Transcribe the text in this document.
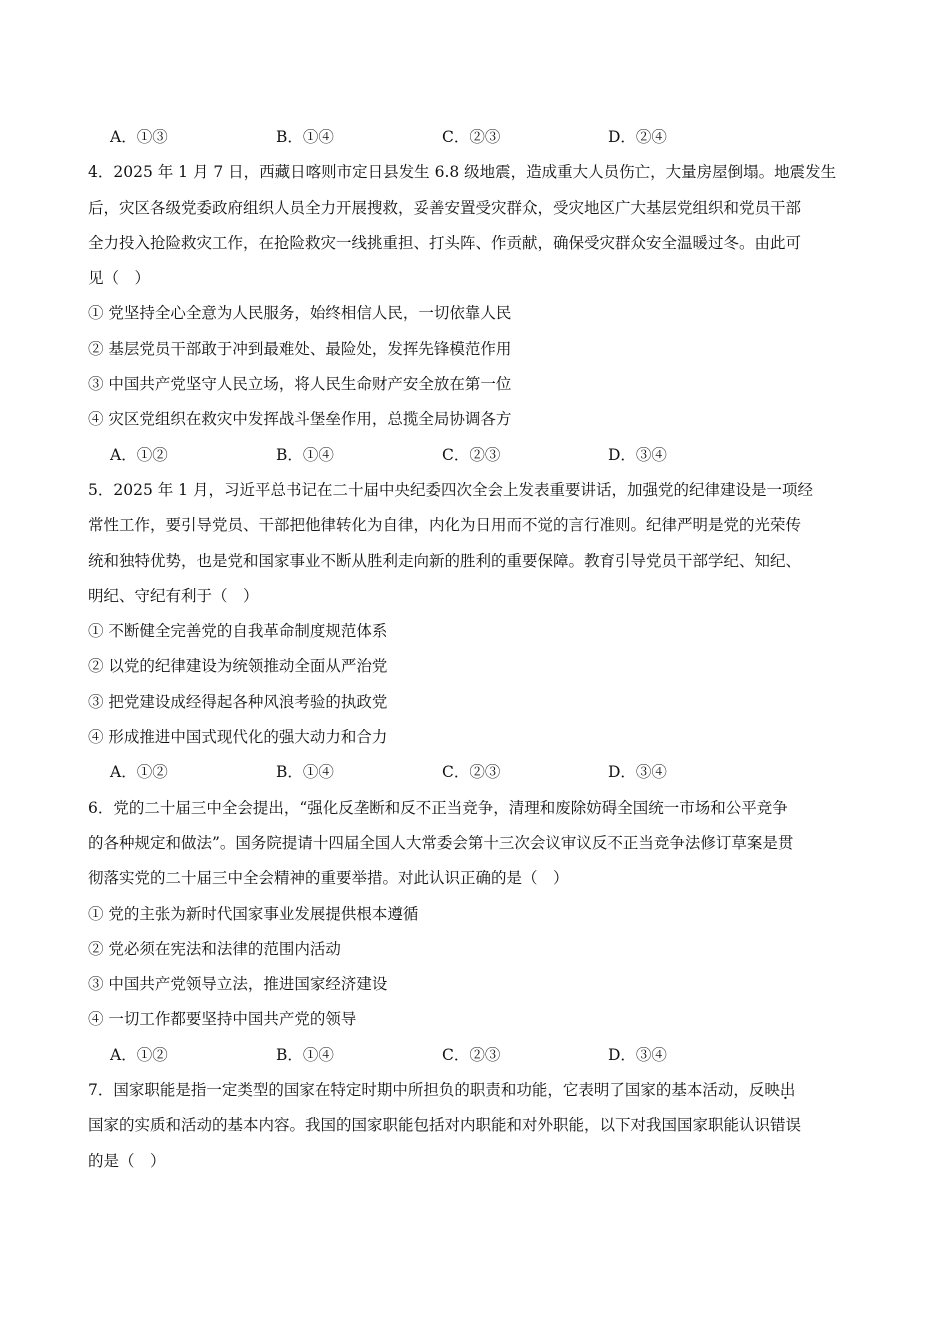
A．①③	B．①④	C．②③	D．②④
4．2025 年 1 月 7 日，西藏日喀则市定日县发生 6.8 级地震，造成重大人员伤亡，大量房屋倒塌。地震发生
后，灾区各级党委政府组织人员全力开展搜救，妥善安置受灾群众，受灾地区广大基层党组织和党员干部
全力投入抢险救灾工作，在抢险救灾一线挑重担、打头阵、作贡献，确保受灾群众安全温暖过冬。由此可
见（　）
① 党坚持全心全意为人民服务，始终相信人民，一切依靠人民
② 基层党员干部敢于冲到最难处、最险处，发挥先锋模范作用
③ 中国共产党坚守人民立场，将人民生命财产安全放在第一位
④ 灾区党组织在救灾中发挥战斗堡垒作用，总揽全局协调各方
A．①②	B．①④	C．②③	D．③④
5．2025 年 1 月，习近平总书记在二十届中央纪委四次全会上发表重要讲话，加强党的纪律建设是一项经
常性工作，要引导党员、干部把他律转化为自律，内化为日用而不觉的言行准则。纪律严明是党的光荣传
统和独特优势，也是党和国家事业不断从胜利走向新的胜利的重要保障。教育引导党员干部学纪、知纪、
明纪、守纪有利于（　）
① 不断健全完善党的自我革命制度规范体系
② 以党的纪律建设为统领推动全面从严治党
③ 把党建设成经得起各种风浪考验的执政党
④ 形成推进中国式现代化的强大动力和合力
A．①②	B．①④	C．②③	D．③④
6．党的二十届三中全会提出，“强化反垄断和反不正当竞争，清理和废除妨碍全国统一市场和公平竞争
的各种规定和做法”。国务院提请十四届全国人大常委会第十三次会议审议反不正当竞争法修订草案是贯
彻落实党的二十届三中全会精神的重要举措。对此认识正确的是（　）
① 党的主张为新时代国家事业发展提供根本遵循
② 党必须在宪法和法律的范围内活动
③ 中国共产党领导立法，推进国家经济建设
④ 一切工作都要坚持中国共产党的领导
A．①②	B．①④	C．②③	D．③④
7．国家职能是指一定类型的国家在特定时期中所担负的职责和功能，它表明了国家的基本活动，反映出
国家的实质和活动的基本内容。我国的国家职能包括对内职能和对外职能，以下对我国国家职能认识错误
的是（　）
